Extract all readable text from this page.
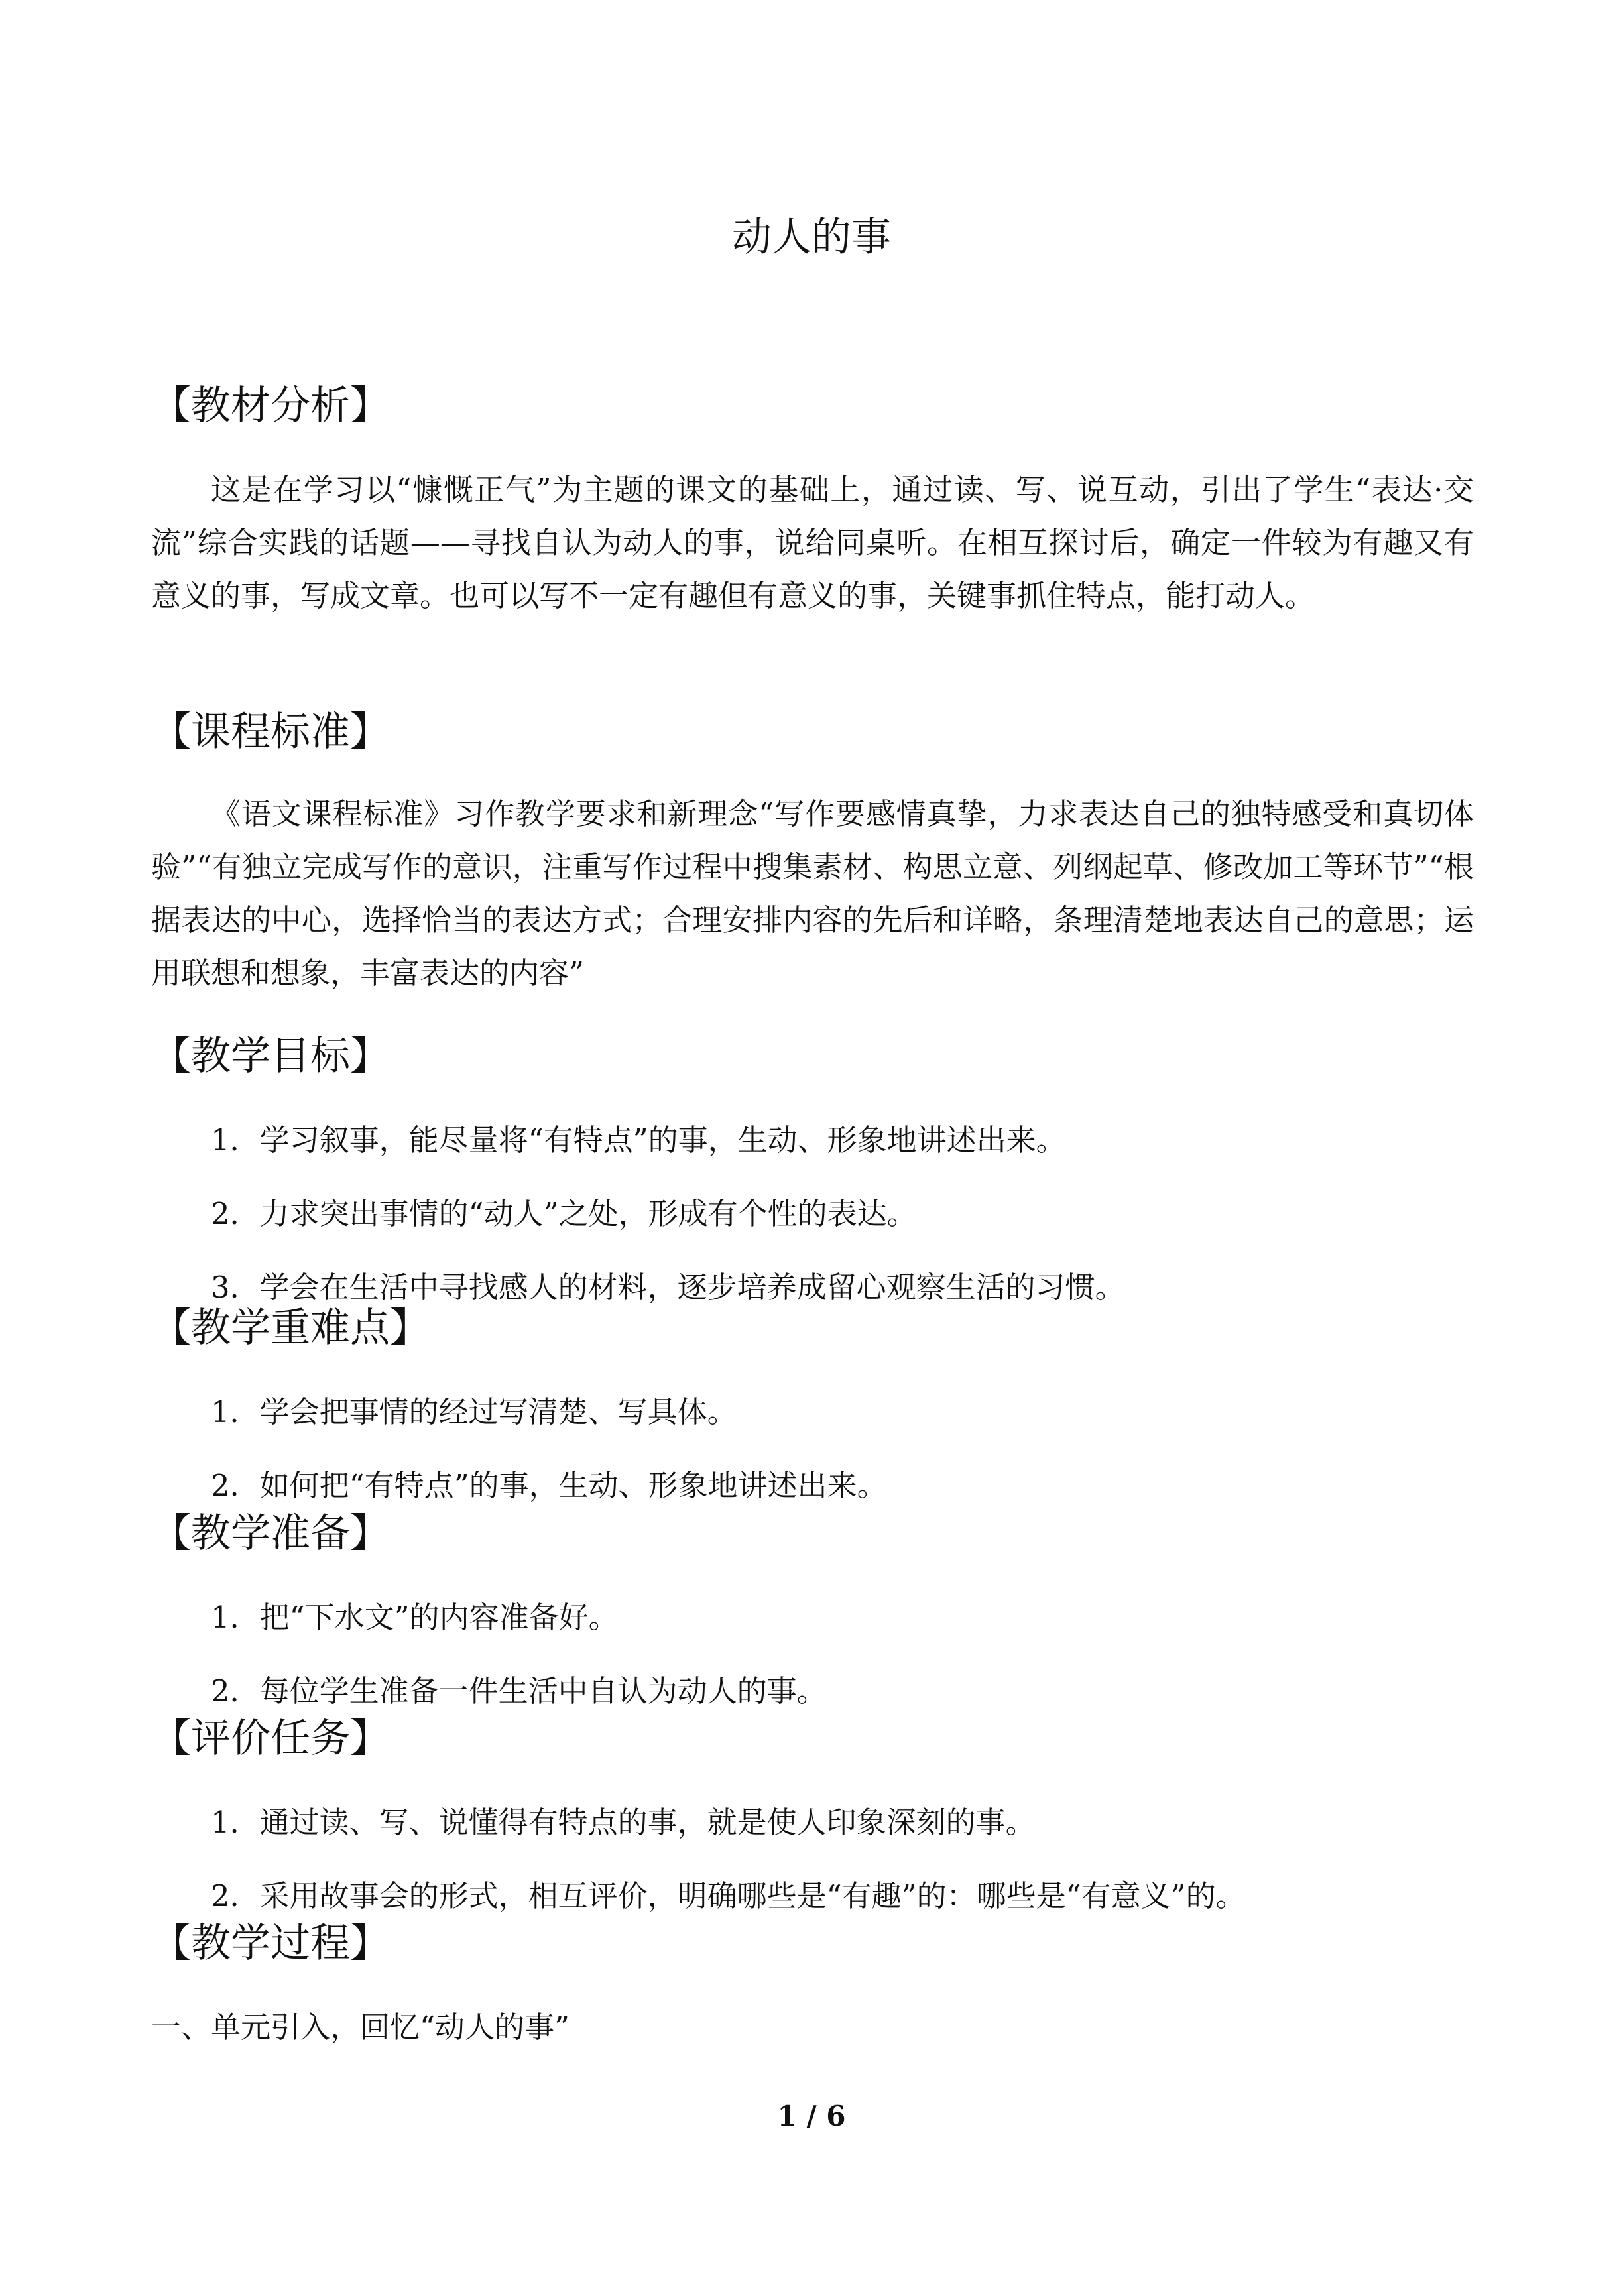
动人的事
【教材分析】
这是在学习以“慷慨正气”为主题的课文的基础上，通过读、写、说互动，引出了学生“表达·交流”综合实践的话题——寻找自认为动人的事，说给同桌听。在相互探讨后，确定一件较为有趣又有意义的事，写成文章。也可以写不一定有趣但有意义的事，关键事抓住特点，能打动人。
【课程标准】
《语文课程标准》习作教学要求和新理念“写作要感情真挚，力求表达自己的独特感受和真切体验”“有独立完成写作的意识，注重写作过程中搜集素材、构思立意、列纲起草、修改加工等环节”“根据表达的中心，选择恰当的表达方式；合理安排内容的先后和详略，条理清楚地表达自己的意思；运用联想和想象，丰富表达的内容”
【教学目标】
1．学习叙事，能尽量将“有特点”的事，生动、形象地讲述出来。
2．力求突出事情的“动人”之处，形成有个性的表达。
3．学会在生活中寻找感人的材料，逐步培养成留心观察生活的习惯。
【教学重难点】
1．学会把事情的经过写清楚、写具体。
2．如何把“有特点”的事，生动、形象地讲述出来。
【教学准备】
1．把“下水文”的内容准备好。
2．每位学生准备一件生活中自认为动人的事。
【评价任务】
1．通过读、写、说懂得有特点的事，就是使人印象深刻的事。
2．采用故事会的形式，相互评价，明确哪些是“有趣”的：哪些是“有意义”的。
【教学过程】
一、单元引入，回忆“动人的事”
1 / 6
